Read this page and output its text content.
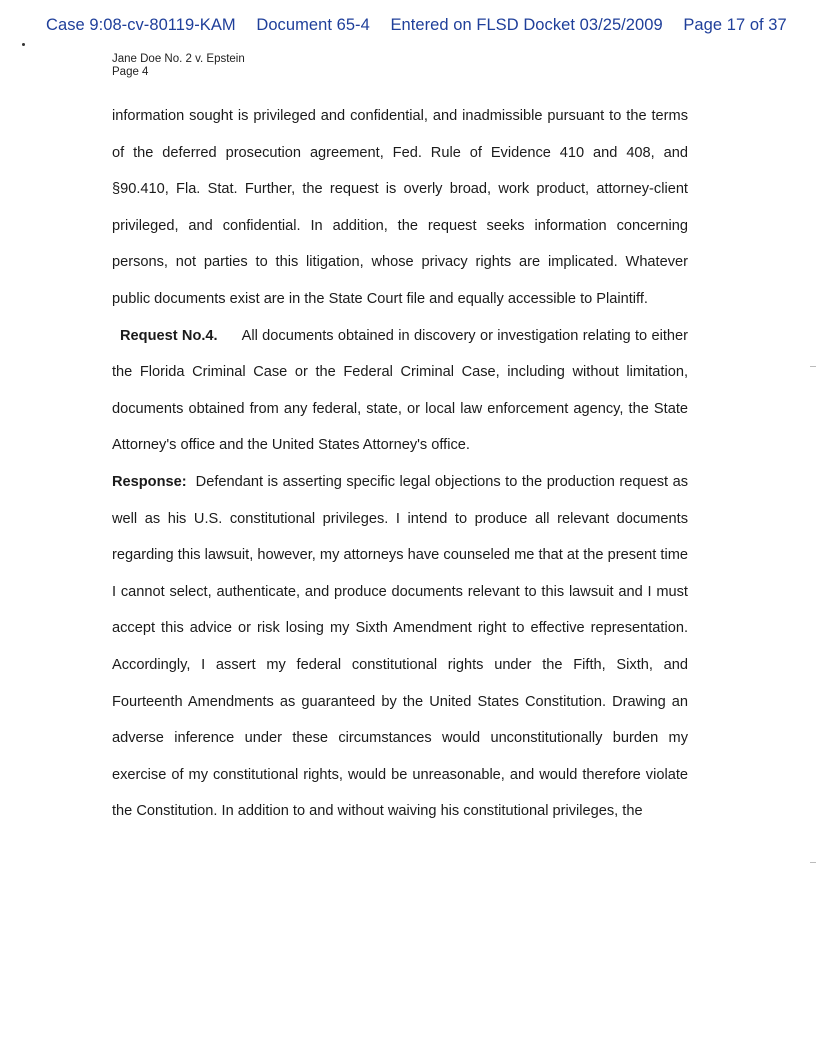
Case 9:08-cv-80119-KAM Document 65-4 Entered on FLSD Docket 03/25/2009 Page 17 of 37
Jane Doe No. 2 v. Epstein
Page 4

information sought is privileged and confidential, and inadmissible pursuant to the terms of the deferred prosecution agreement, Fed. Rule of Evidence 410 and 408, and §90.410, Fla. Stat. Further, the request is overly broad, work product, attorney-client privileged, and confidential. In addition, the request seeks information concerning persons, not parties to this litigation, whose privacy rights are implicated. Whatever public documents exist are in the State Court file and equally accessible to Plaintiff.

Request No.4. All documents obtained in discovery or investigation relating to either the Florida Criminal Case or the Federal Criminal Case, including without limitation, documents obtained from any federal, state, or local law enforcement agency, the State Attorney's office and the United States Attorney's office.

Response: Defendant is asserting specific legal objections to the production request as well as his U.S. constitutional privileges. I intend to produce all relevant documents regarding this lawsuit, however, my attorneys have counseled me that at the present time I cannot select, authenticate, and produce documents relevant to this lawsuit and I must accept this advice or risk losing my Sixth Amendment right to effective representation. Accordingly, I assert my federal constitutional rights under the Fifth, Sixth, and Fourteenth Amendments as guaranteed by the United States Constitution. Drawing an adverse inference under these circumstances would unconstitutionally burden my exercise of my constitutional rights, would be unreasonable, and would therefore violate the Constitution. In addition to and without waiving his constitutional privileges, the
